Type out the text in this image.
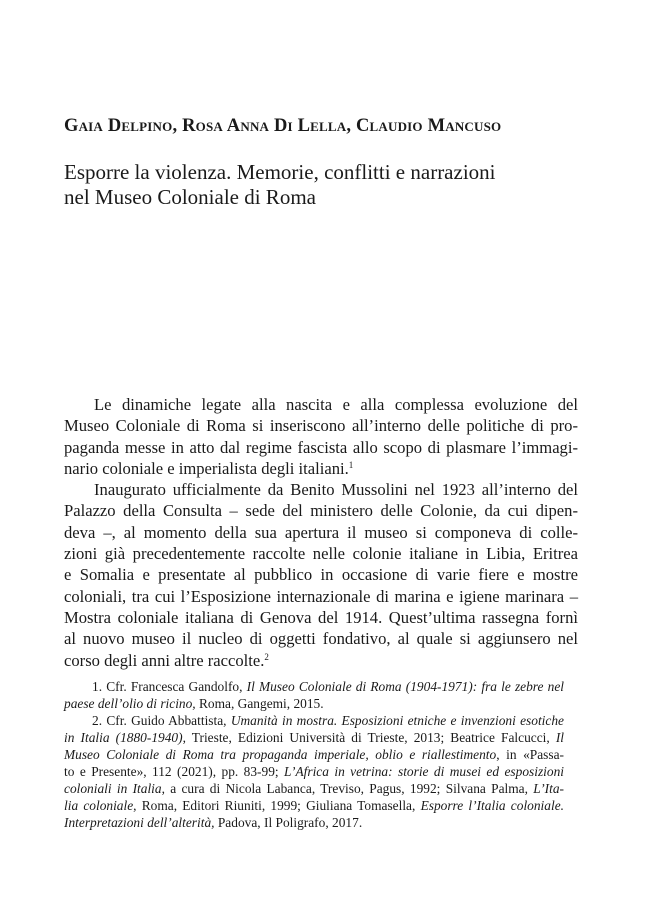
Gaia Delpino, Rosa Anna Di Lella, Claudio Mancuso
Esporre la violenza. Memorie, conflitti e narrazioni
nel Museo Coloniale di Roma
Le dinamiche legate alla nascita e alla complessa evoluzione del
Museo Coloniale di Roma si inseriscono all’interno delle politiche di pro-
paganda messe in atto dal regime fascista allo scopo di plasmare l’immagi-
nario coloniale e imperialista degli italiani.$^1$
Inaugurato ufficialmente da Benito Mussolini nel 1923 all’interno del
Palazzo della Consulta – sede del ministero delle Colonie, da cui dipen-
deva –, al momento della sua apertura il museo si componeva di colle-
zioni già precedentemente raccolte nelle colonie italiane in Libia, Eritrea
e Somalia e presentate al pubblico in occasione di varie fiere e mostre
coloniali, tra cui l’Esposizione internazionale di marina e igiene marinara –
Mostra coloniale italiana di Genova del 1914. Quest’ultima rassegna fornì
al nuovo museo il nucleo di oggetti fondativo, al quale si aggiunsero nel
corso degli anni altre raccolte.$^2$
1. Cfr. Francesca Gandolfo, Il Museo Coloniale di Roma (1904-1971): fra le zebre nel
paese dell’olio di ricino, Roma, Gangemi, 2015.
2. Cfr. Guido Abbattista, Umanità in mostra. Esposizioni etniche e invenzioni esotiche
in Italia (1880-1940), Trieste, Edizioni Università di Trieste, 2013; Beatrice Falcucci, Il
Museo Coloniale di Roma tra propaganda imperiale, oblio e riallestimento, in «Passa-
to e Presente», 112 (2021), pp. 83-99; L’Africa in vetrina: storie di musei ed esposizioni
coloniali in Italia, a cura di Nicola Labanca, Treviso, Pagus, 1992; Silvana Palma, L’Ita-
lia coloniale, Roma, Editori Riuniti, 1999; Giuliana Tomasella, Esporre l’Italia coloniale.
Interpretazioni dell’alterità, Padova, Il Poligrafo, 2017.
